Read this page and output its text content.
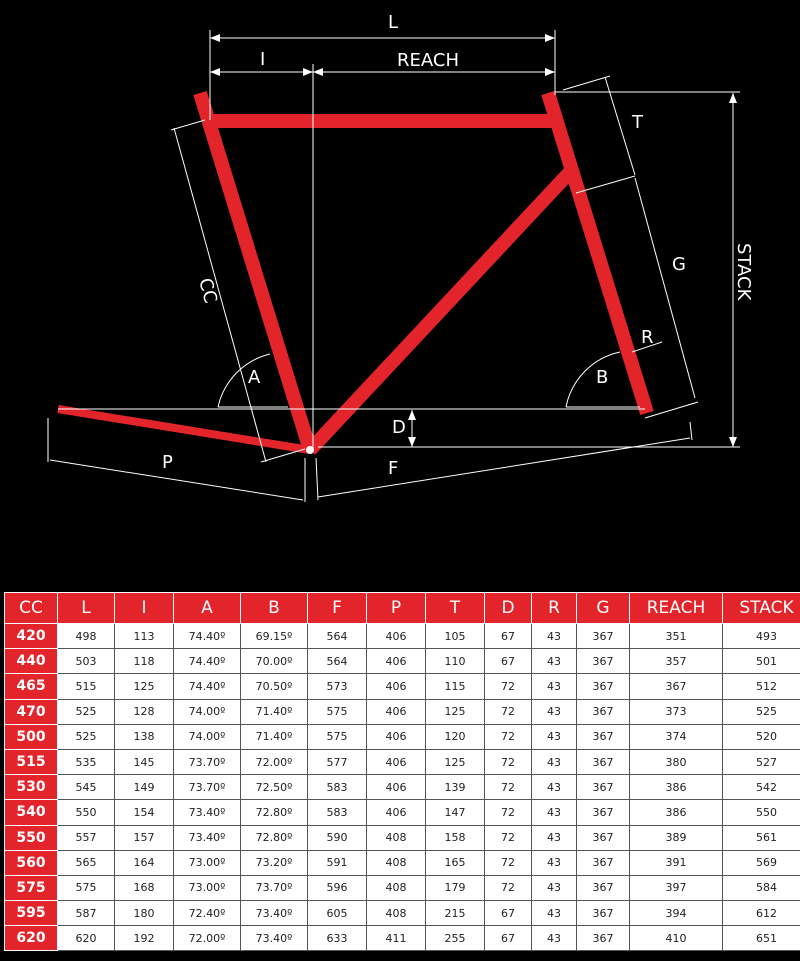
L
I	REACH
T
G	STACK
CC
A	B
R
D
P	F
CC	L	I	A	B	F	P	T	D	R	G	REACH	STACK
420	498	113	74.40º	69.15º	564	406	105	67	43	367	351	493
440	503	118	74.40º	70.00º	564	406	110	67	43	367	357	501
465	515	125	74.40º	70.50º	573	406	115	72	43	367	367	512
470	525	128	74.00º	71.40º	575	406	125	72	43	367	373	525
500	525	138	74.00º	71.40º	575	406	120	72	43	367	374	520
515	535	145	73.70º	72.00º	577	406	125	72	43	367	380	527
530	545	149	73.70º	72.50º	583	406	139	72	43	367	386	542
540	550	154	73.40º	72.80º	583	406	147	72	43	367	386	550
550	557	157	73.40º	72.80º	590	408	158	72	43	367	389	561
560	565	164	73.00º	73.20º	591	408	165	72	43	367	391	569
575	575	168	73.00º	73.70º	596	408	179	72	43	367	397	584
595	587	180	72.40º	73.40º	605	408	215	67	43	367	394	612
620	620	192	72.00º	73.40º	633	411	255	67	43	367	410	651
